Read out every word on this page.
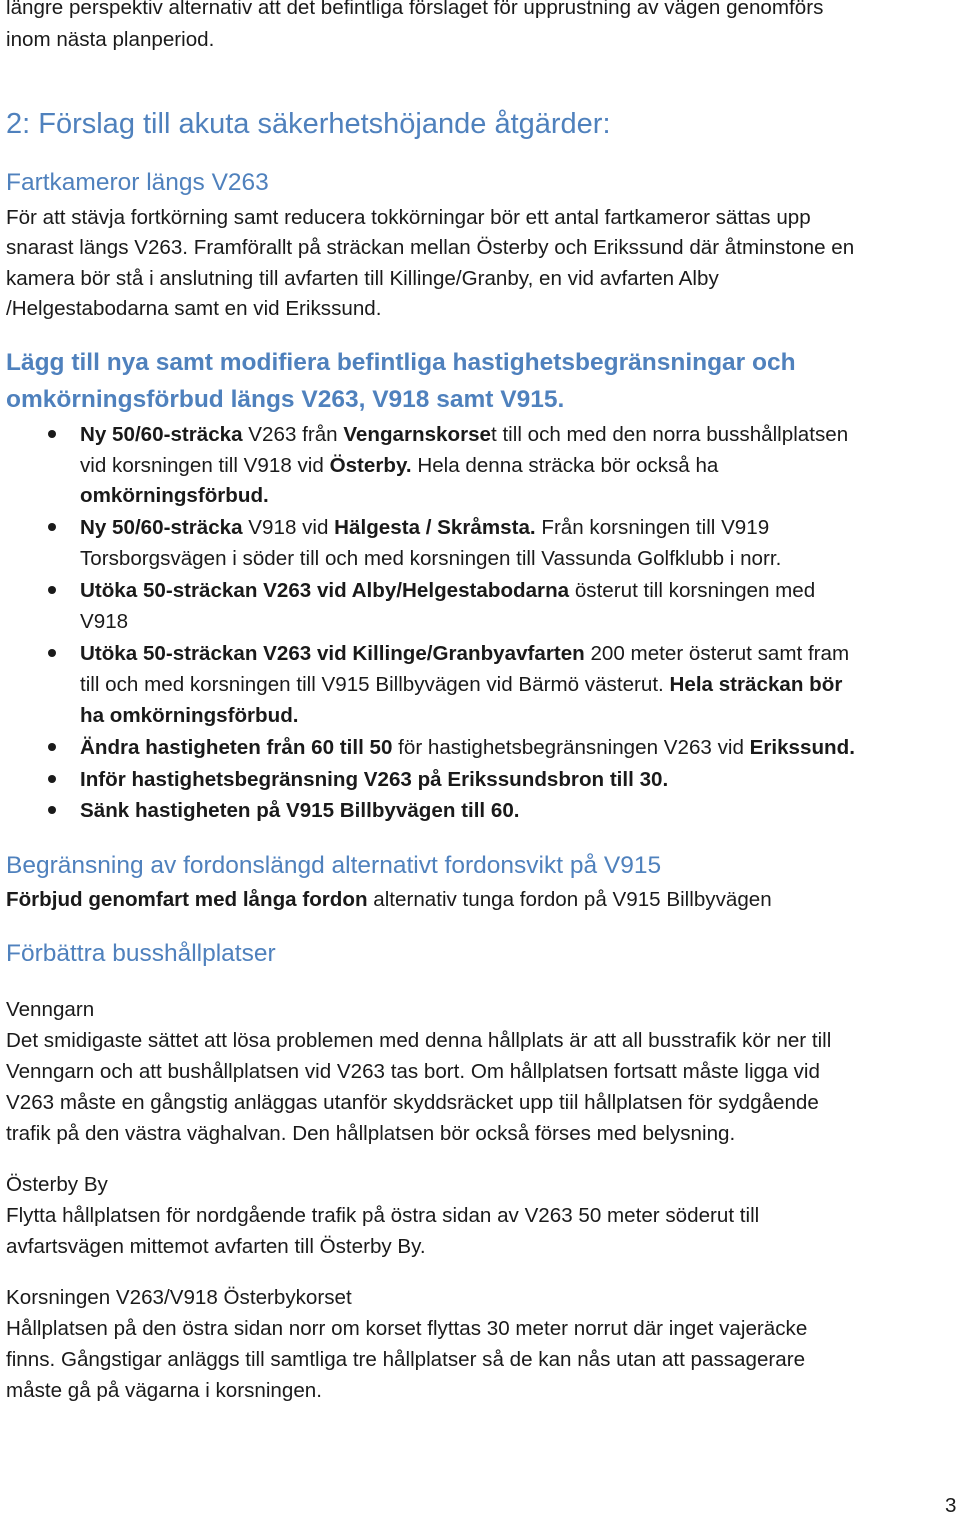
längre perspektiv alternativ att det befintliga förslaget för upprustning av vägen genomförs
inom nästa planperiod.
2: Förslag till akuta säkerhetshöjande åtgärder:
Fartkameror längs V263
För att stävja fortkörning samt reducera tokkörningar bör ett antal fartkameror sättas upp
snarast längs V263. Framförallt på sträckan mellan Österby och Erikssund där åtminstone en
kamera bör stå i anslutning till avfarten till Killinge/Granby, en vid avfarten Alby
/Helgestabodarna samt en vid Erikssund.
Lägg till nya samt modifiera befintliga hastighetsbegränsningar och
omkörningsförbud längs V263, V918 samt V915.
Ny 50/60-sträcka V263 från Vengarnskorset till och med den norra busshållplatsen
vid korsningen till V918 vid Österby. Hela denna sträcka bör också ha
omkörningsförbud.
Ny 50/60-sträcka V918 vid Hälgesta / Skråmsta. Från korsningen till V919
Torsborgsvägen i söder till och med korsningen till Vassunda Golfklubb i norr.
Utöka 50-sträckan V263 vid Alby/Helgestabodarna österut till korsningen med
V918
Utöka 50-sträckan V263 vid Killinge/Granbyavfarten 200 meter österut samt fram
till och med korsningen till V915 Billbyvägen vid Bärmö västerut. Hela sträckan bör
ha omkörningsförbud.
Ändra hastigheten från 60 till 50 för hastighetsbegränsningen V263 vid Erikssund.
Inför hastighetsbegränsning V263 på Erikssundsbron till 30.
Sänk hastigheten på V915 Billbyvägen till 60.
Begränsning av fordonslängd alternativt fordonsvikt på V915
Förbjud genomfart med långa fordon alternativ tunga fordon på V915 Billbyvägen
Förbättra busshållplatser
Venngarn
Det smidigaste sättet att lösa problemen med denna hållplats är att all busstrafik kör ner till
Venngarn och att bushållplatsen vid V263 tas bort. Om hållplatsen fortsatt måste ligga vid
V263 måste en gångstig anläggas utanför skyddsräcket upp tiil hållplatsen för sydgående
trafik på den västra väghalvan. Den hållplatsen bör också förses med belysning.
Österby By
Flytta hållplatsen för nordgående trafik på östra sidan av V263 50 meter söderut till
avfartsvägen mittemot avfarten till Österby By.
Korsningen V263/V918 Österbykorset
Hållplatsen på den östra sidan norr om korset flyttas 30 meter norrut där inget vajeräcke
finns. Gångstigar anläggs till samtliga tre hållplatser så de kan nås utan att passagerare
måste gå på vägarna i korsningen.
3
